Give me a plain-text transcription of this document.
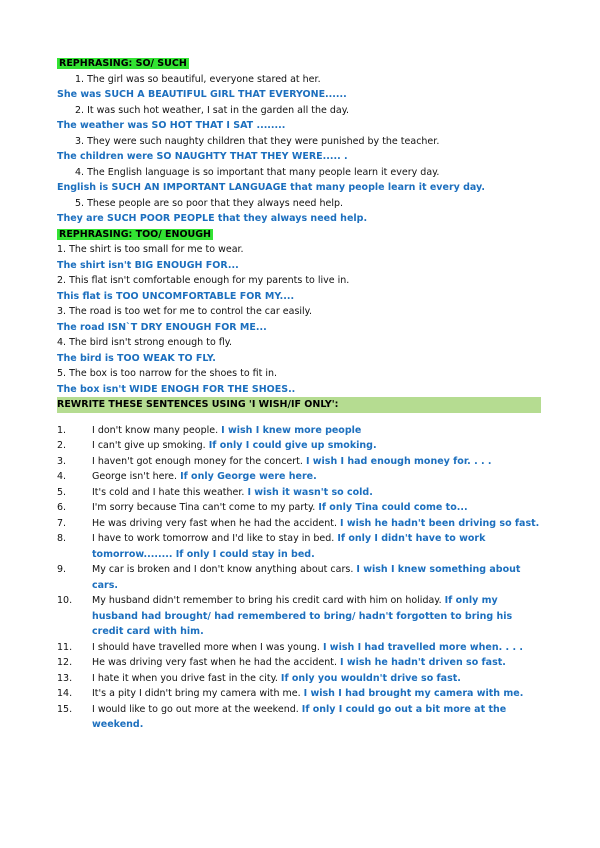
REPHRASING: SO/ SUCH
1. The girl was so beautiful, everyone stared at her.
She was SUCH A BEAUTIFUL GIRL THAT EVERYONE......
2. It was such hot weather, I sat in the garden all the day.
The weather was SO HOT THAT I SAT ........
3. They were such naughty children that they were punished by the teacher.
The children were SO NAUGHTY THAT THEY WERE..... .
4. The English language is so important that many people learn it every day.
English is SUCH AN IMPORTANT LANGUAGE that many people learn it every day.
5. These people are so poor that they always need help.
They are SUCH POOR PEOPLE that they always need help.
REPHRASING: TOO/ ENOUGH
1. The shirt is too small for me to wear.
The shirt isn't BIG ENOUGH FOR...
2. This flat isn't comfortable enough for my parents to live in.
This flat is TOO UNCOMFORTABLE FOR MY....
3. The road is too wet for me to control the car easily.
The road ISN`T DRY ENOUGH FOR ME...
4. The bird isn't strong enough to fly.
The bird is TOO WEAK TO FLY.
5. The box is too narrow for the shoes to fit in.
The box isn't WIDE ENOGH FOR THE SHOES..
REWRITE THESE SENTENCES USING 'I WISH/IF ONLY':
1.	I don't know many people. I wish I knew more people
2.	I can't give up smoking. If only I could give up smoking.
3.	I haven't got enough money for the concert. I wish I had enough money for. . . .
4.	George isn't here. If only George were here.
5.	It's cold and I hate this weather. I wish it wasn't so cold.
6.	I'm sorry because Tina can't come to my party. If only Tina could come to...
7.	He was driving very fast when he had the accident. I wish he hadn't been driving so fast.
8.	I have to work tomorrow and I'd like to stay in bed. If only I didn't have to work tomorrow........ If only I could stay in bed.
9.	My car is broken and I don't know anything about cars. I wish I knew something about cars.
10.	My husband didn't remember to bring his credit card with him on holiday. If only my husband had brought/ had remembered to bring/ hadn't forgotten to bring his credit card with him.
11.	I should have travelled more when I was young. I wish I had travelled more when. . . .
12.	He was driving very fast when he had the accident. I wish he hadn't driven so fast.
13.	I hate it when you drive fast in the city. If only you wouldn't drive so fast.
14.	It's a pity I didn't bring my camera with me. I wish I had brought my camera with me.
15.	I would like to go out more at the weekend. If only I could go out a bit more at the weekend.
